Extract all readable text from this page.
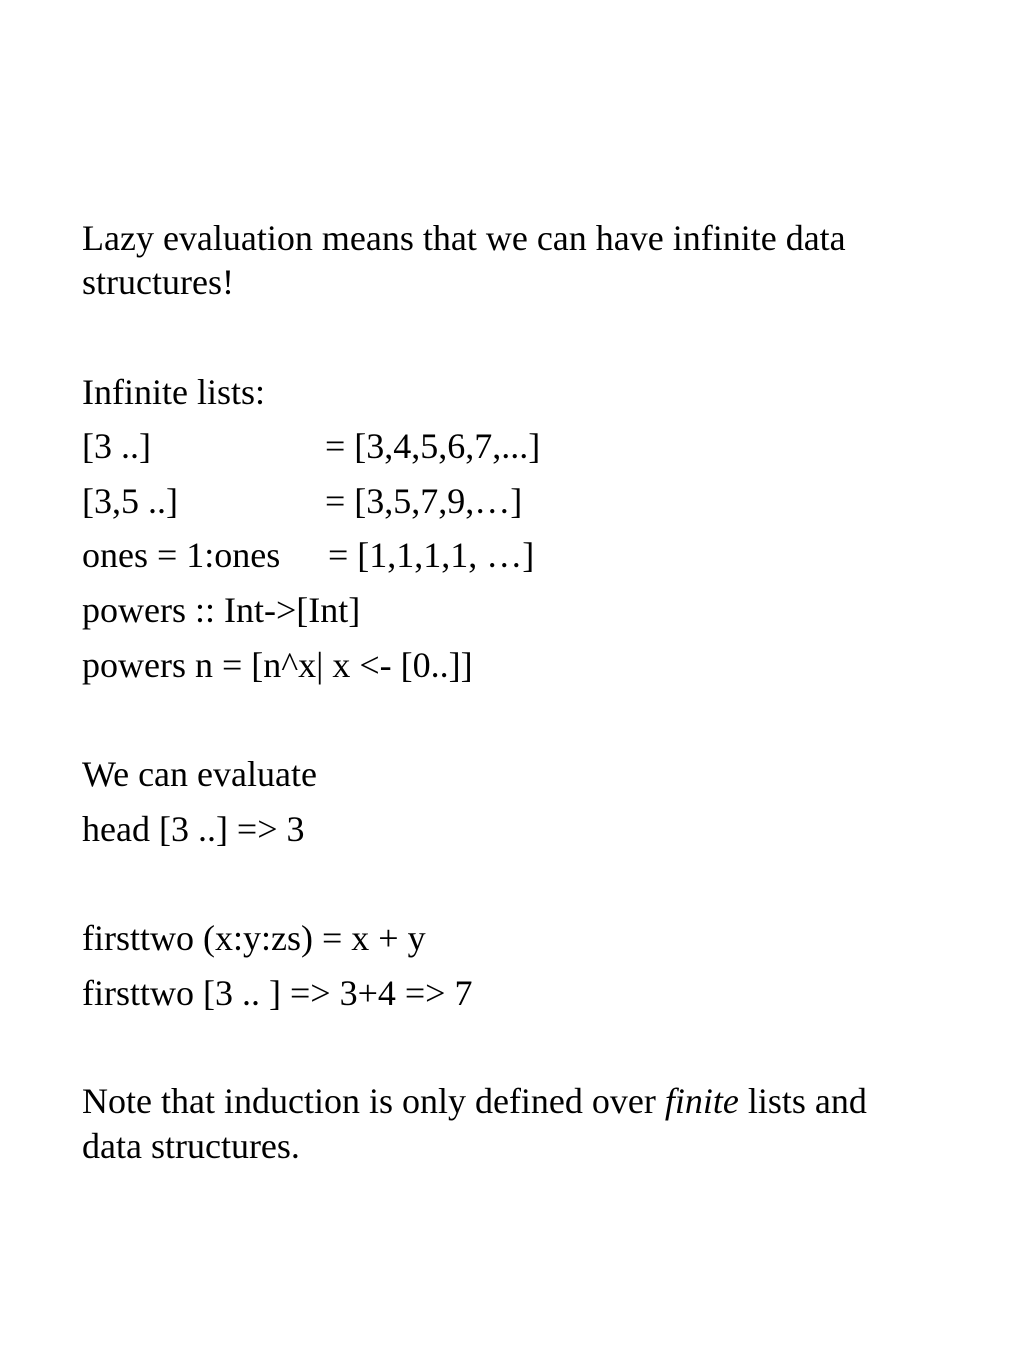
Lazy evaluation means that we can have infinite data
structures!
Infinite lists:

[3 ..]

	= [3,4,5,6,7,...]

[3,5 ..]

	= [3,5,7,9,…]

ones = 1:ones

= [1,1,1,1, …]

powers :: Int->[Int]
powers n = [n^x| x <- [0..]]
We can evaluate
head [3 ..] => 3
firsttwo (x:y:zs) = x + y
firsttwo [3 .. ] => 3+4 => 7
Note that induction is only defined over finite lists and
data structures.
